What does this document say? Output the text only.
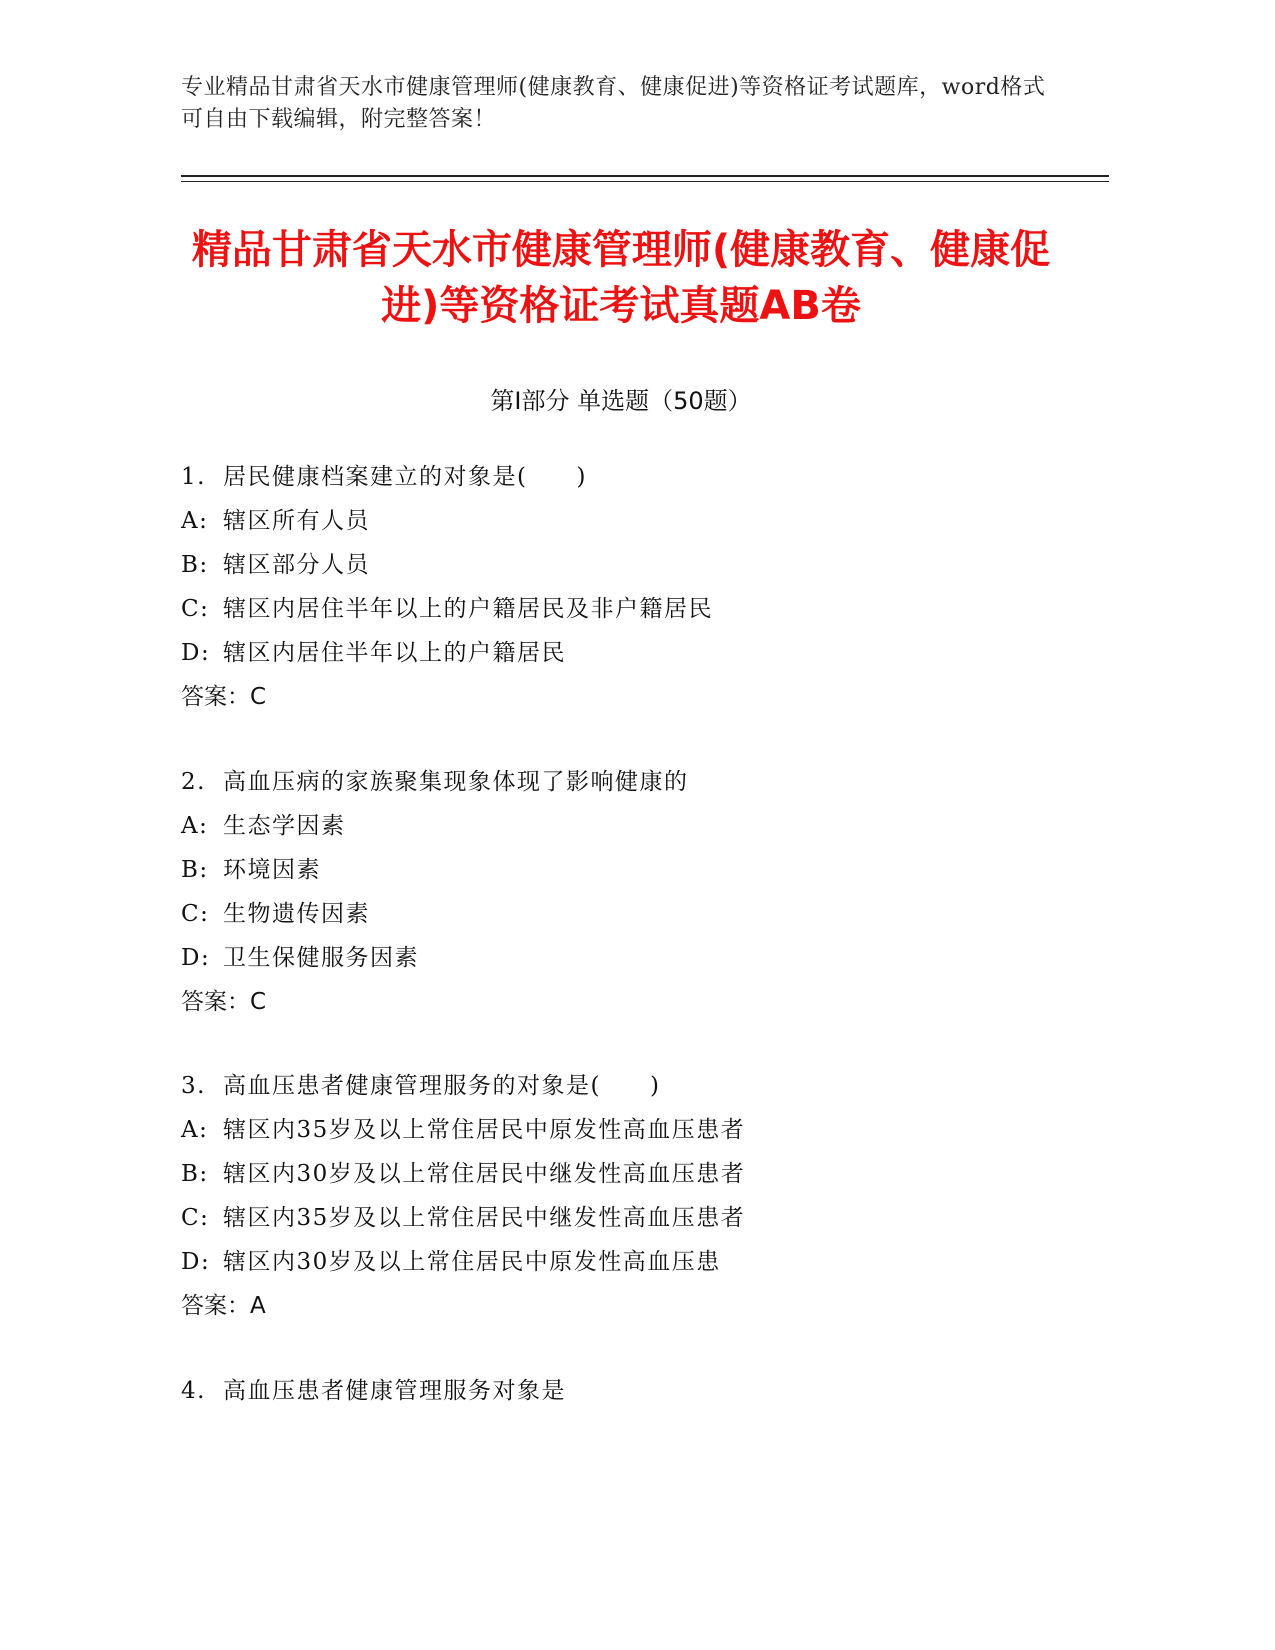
专业精品甘肃省天水市健康管理师(健康教育、健康促进)等资格证考试题库，word格式可自由下载编辑，附完整答案！
精品甘肃省天水市健康管理师(健康教育、健康促进)等资格证考试真题AB卷
第Ⅰ部分 单选题（50题）
1. 居民健康档案建立的对象是(　　)
A: 辖区所有人员
B: 辖区部分人员
C: 辖区内居住半年以上的户籍居民及非户籍居民
D: 辖区内居住半年以上的户籍居民
答案：C
2. 高血压病的家族聚集现象体现了影响健康的
A: 生态学因素
B: 环境因素
C: 生物遗传因素
D: 卫生保健服务因素
答案：C
3. 高血压患者健康管理服务的对象是(　　)
A: 辖区内35岁及以上常住居民中原发性高血压患者
B: 辖区内30岁及以上常住居民中继发性高血压患者
C: 辖区内35岁及以上常住居民中继发性高血压患者
D: 辖区内30岁及以上常住居民中原发性高血压患
答案：A
4. 高血压患者健康管理服务对象是
